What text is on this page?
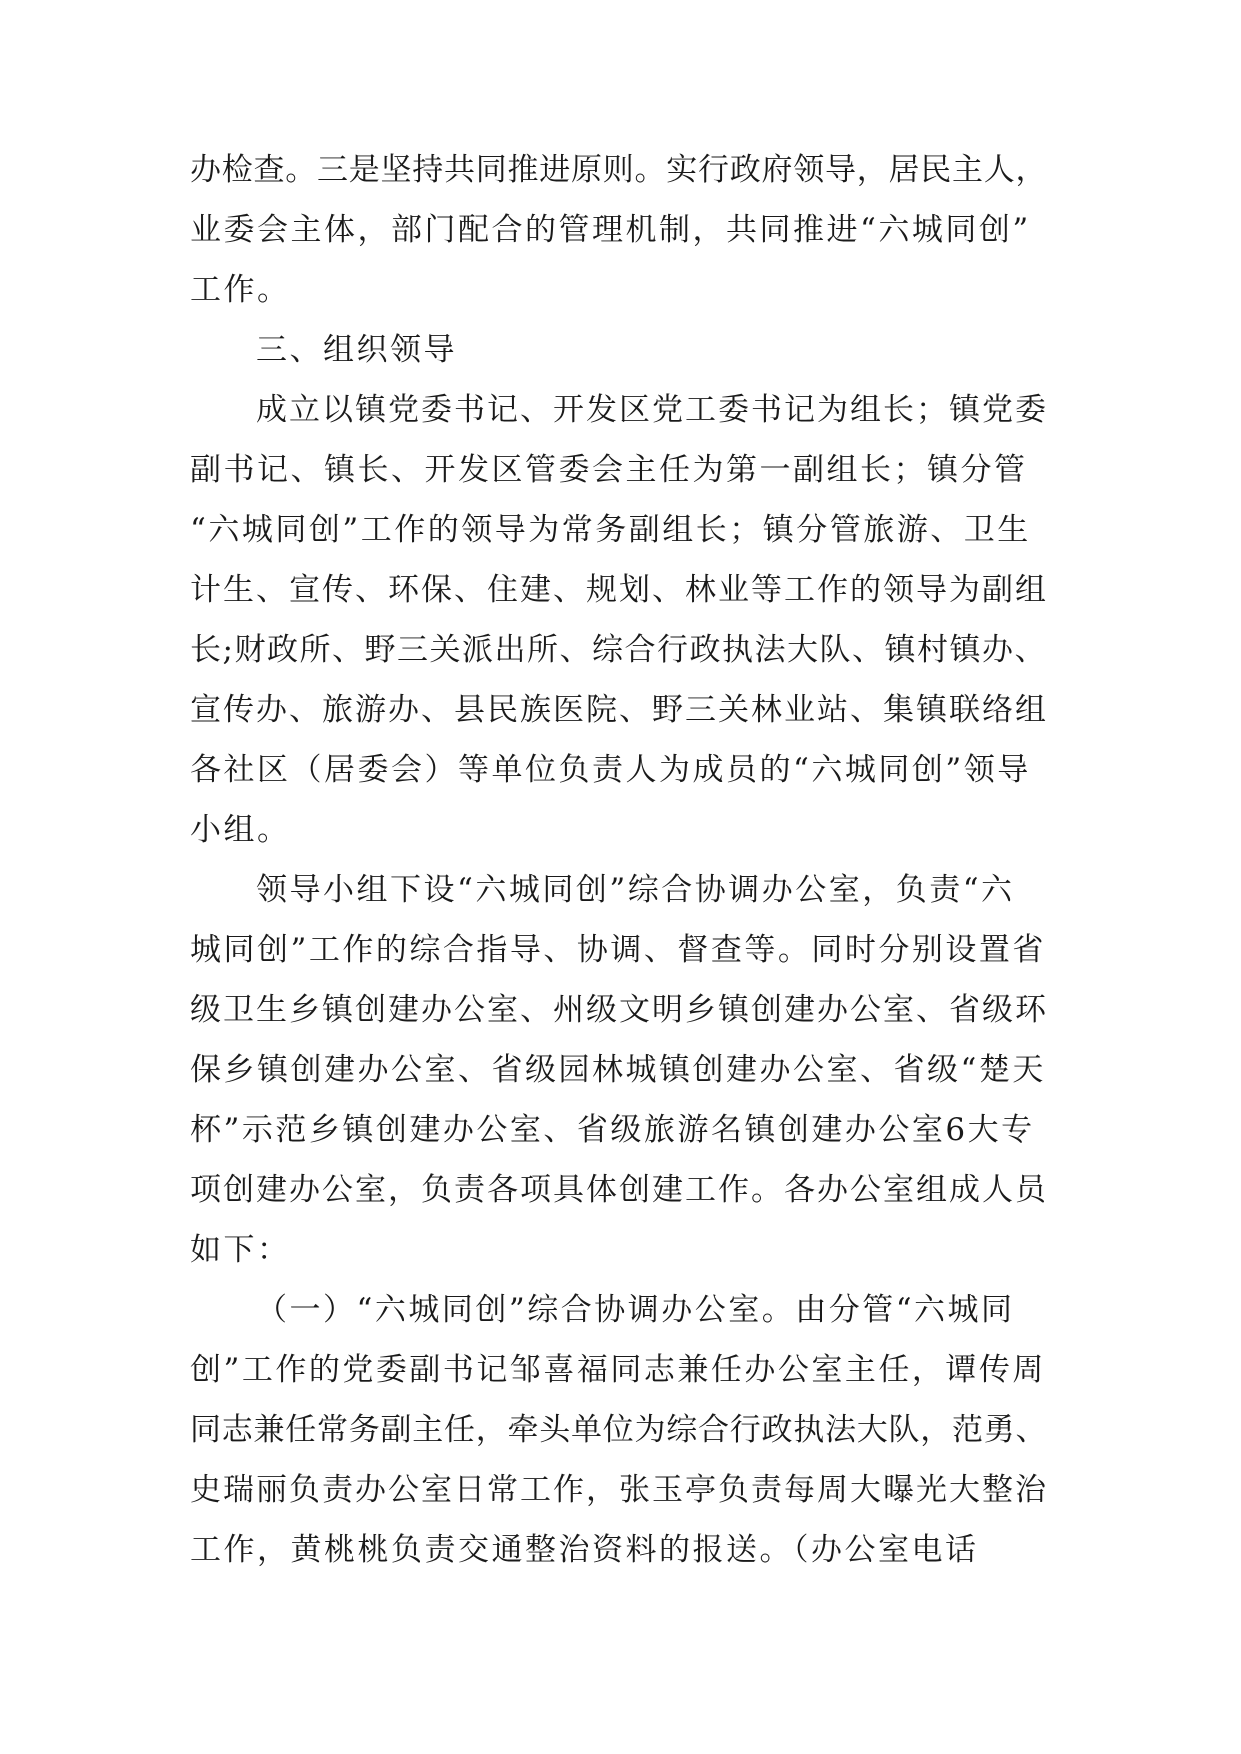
办检查。三是坚持共同推进原则。实行政府领导，居民主人，
业委会主体，部门配合的管理机制，共同推进“六城同创”
工作。
三、组织领导
成立以镇党委书记、开发区党工委书记为组长；镇党委
副书记、镇长、开发区管委会主任为第一副组长；镇分管
“六城同创”工作的领导为常务副组长；镇分管旅游、卫生
计生、宣传、环保、住建、规划、林业等工作的领导为副组
长;财政所、野三关派出所、综合行政执法大队、镇村镇办、
宣传办、旅游办、县民族医院、野三关林业站、集镇联络组
各社区（居委会）等单位负责人为成员的“六城同创”领导
小组。
领导小组下设“六城同创”综合协调办公室，负责“六
城同创”工作的综合指导、协调、督查等。同时分别设置省
级卫生乡镇创建办公室、州级文明乡镇创建办公室、省级环
保乡镇创建办公室、省级园林城镇创建办公室、省级“楚天
杯”示范乡镇创建办公室、省级旅游名镇创建办公室6大专
项创建办公室，负责各项具体创建工作。各办公室组成人员
如下：
（一）“六城同创”综合协调办公室。由分管“六城同
创”工作的党委副书记邹喜福同志兼任办公室主任，谭传周
同志兼任常务副主任，牵头单位为综合行政执法大队，范勇、
史瑞丽负责办公室日常工作，张玉亭负责每周大曝光大整治
工作，黄桃桃负责交通整治资料的报送。（办公室电话
